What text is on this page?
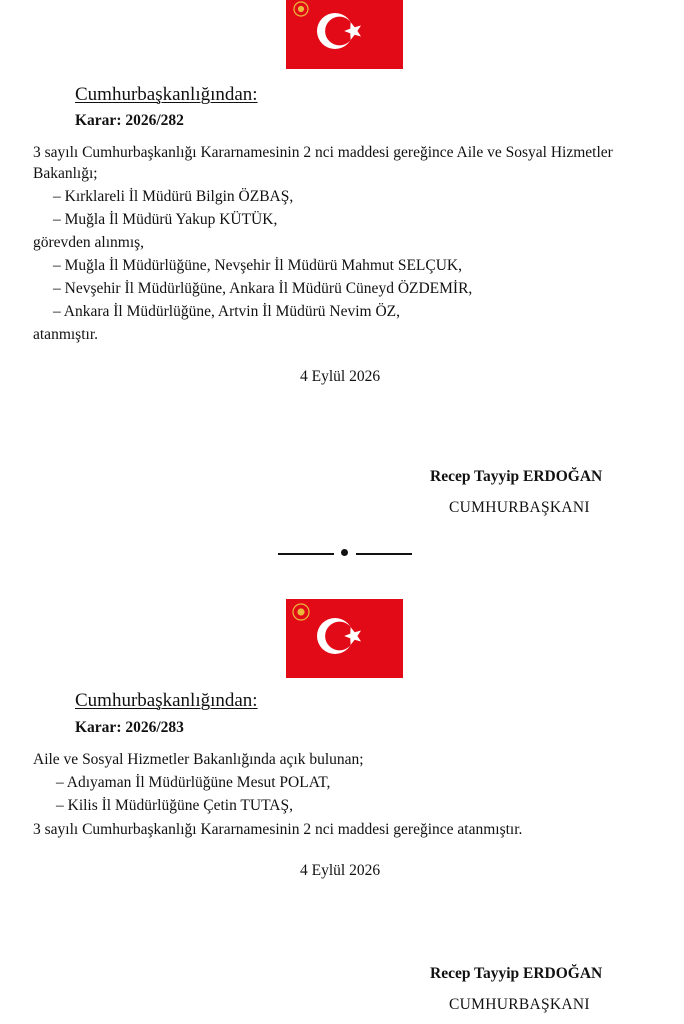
Cumhurbaşkanlığından:
Karar: 2026/282
3 sayılı Cumhurbaşkanlığı Kararnamesinin 2 nci maddesi gereğince Aile ve Sosyal Hizmetler
Bakanlığı;
– Kırklareli İl Müdürü Bilgin ÖZBAŞ,
– Muğla İl Müdürü Yakup KÜTÜK,
görevden alınmış,
– Muğla İl Müdürlüğüne, Nevşehir İl Müdürü Mahmut SELÇUK,
– Nevşehir İl Müdürlüğüne, Ankara İl Müdürü Cüneyd ÖZDEMİR,
– Ankara İl Müdürlüğüne, Artvin İl Müdürü Nevim ÖZ,
atanmıştır.
4 Eylül 2026
Recep Tayyip ERDOĞAN
CUMHURBAŞKANI
Cumhurbaşkanlığından:
Karar: 2026/283
Aile ve Sosyal Hizmetler Bakanlığında açık bulunan;
– Adıyaman İl Müdürlüğüne Mesut POLAT,
– Kilis İl Müdürlüğüne Çetin TUTAŞ,
3 sayılı Cumhurbaşkanlığı Kararnamesinin 2 nci maddesi gereğince atanmıştır.
4 Eylül 2026
Recep Tayyip ERDOĞAN
CUMHURBAŞKANI
